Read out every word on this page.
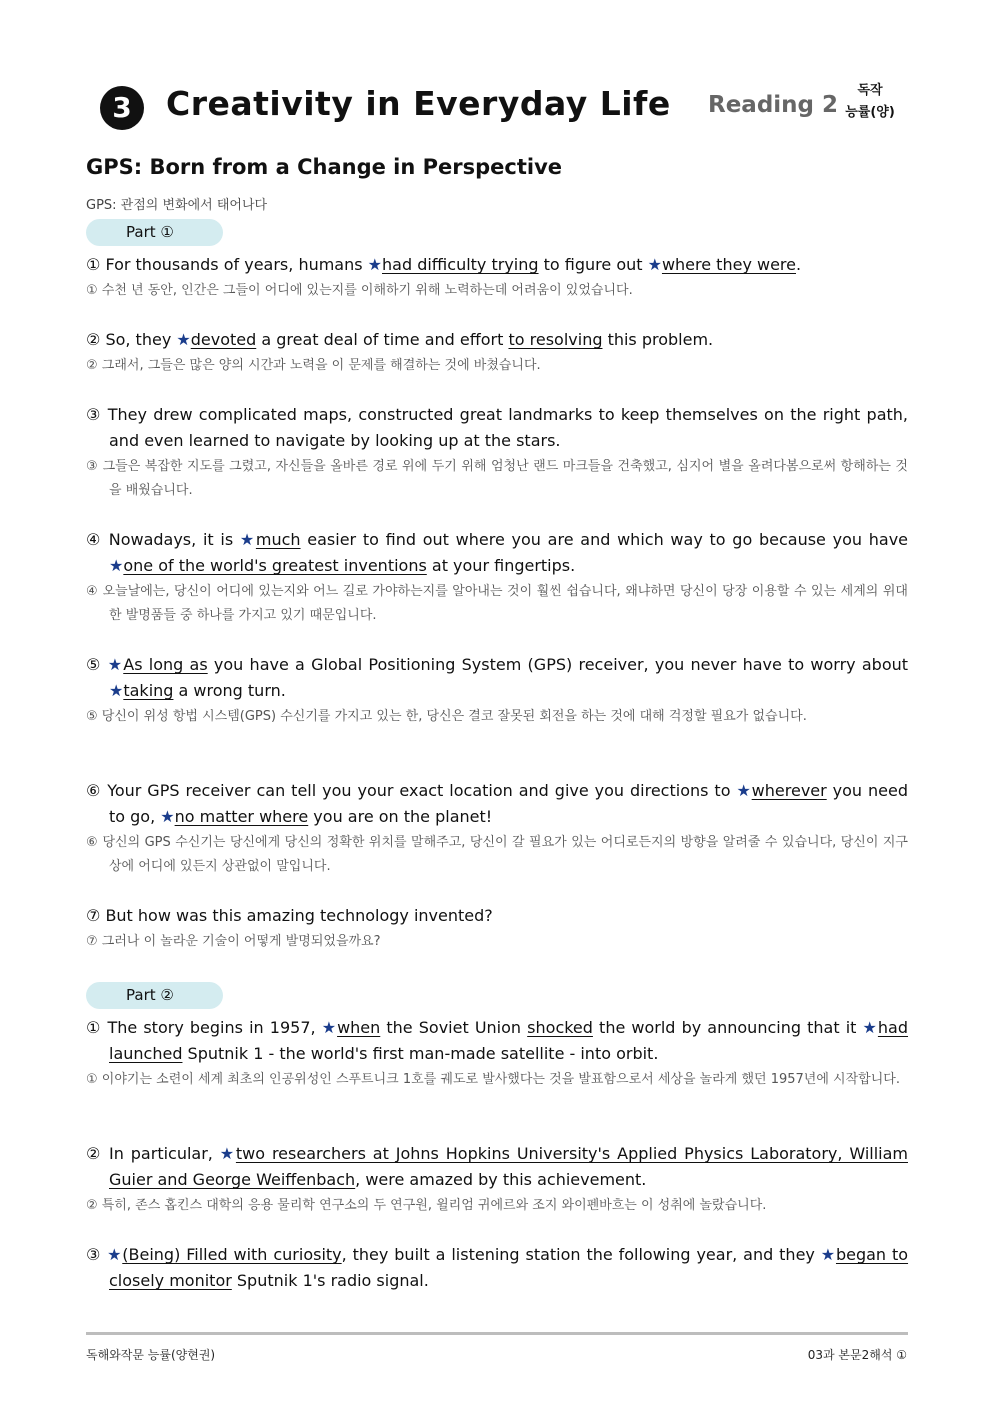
3	Creativity in Everyday Life Reading 2
독작
능률(양)
GPS: Born from a Change in Perspective
GPS: 관점의 변화에서 태어나다
Part ①

① For thousands of years, humans ★had difficulty trying to figure out ★where they were.

① 수천 년 동안, 인간은 그들이 어디에 있는지를 이해하기 위해 노력하는데 어려움이 있었습니다.

② So, they ★devoted a great deal of time and effort to resolving this problem.

② 그래서, 그들은 많은 양의 시간과 노력을 이 문제를 해결하는 것에 바쳤습니다.

③ They drew complicated maps, constructed great landmarks to keep themselves on the right path, and even learned to navigate by looking up at the stars.

③ 그들은 복잡한 지도를 그렸고, 자신들을 올바른 경로 위에 두기 위해 엄청난 랜드 마크들을 건축했고, 심지어 별을 올려다봄으로써 항해하는 것을 배웠습니다.

④ Nowadays, it is ★much easier to find out where you are and which way to go because you have ★one of the world's greatest inventions at your fingertips.

④ 오늘날에는, 당신이 어디에 있는지와 어느 길로 가야하는지를 알아내는 것이 훨씬 쉽습니다, 왜냐하면 당신이 당장 이용할 수 있는 세계의 위대한 발명품들 중 하나를 가지고 있기 때문입니다.

⑤ ★As long as you have a Global Positioning System (GPS) receiver, you never have to worry about ★taking a wrong turn.

⑤ 당신이 위성 항법 시스템(GPS) 수신기를 가지고 있는 한, 당신은 결코 잘못된 회전을 하는 것에 대해 걱정할 필요가 없습니다.

⑥ Your GPS receiver can tell you your exact location and give you directions to ★wherever you need to go, ★no matter where you are on the planet!

⑥ 당신의 GPS 수신기는 당신에게 당신의 정확한 위치를 말해주고, 당신이 갈 필요가 있는 어디로든지의 방향을 알려줄 수 있습니다, 당신이 지구상에 어디에 있든지 상관없이 말입니다.

⑦ But how was this amazing technology invented?

⑦ 그러나 이 놀라운 기술이 어떻게 발명되었을까요?

Part ②

① The story begins in 1957, ★when the Soviet Union shocked the world by announcing that it ★had launched Sputnik 1 - the world's first man-made satellite - into orbit.

① 이야기는 소련이 세계 최초의 인공위성인 스푸트니크 1호를 궤도로 발사했다는 것을 발표함으로서 세상을 놀라게 했던 1957년에 시작합니다.

② In particular, ★two researchers at Johns Hopkins University's Applied Physics Laboratory, William Guier and George Weiffenbach, were amazed by this achievement.

② 특히, 존스 홉킨스 대학의 응용 물리학 연구소의 두 연구원, 윌리엄 귀에르와 조지 와이펜바흐는 이 성취에 놀랐습니다.

③ ★(Being) Filled with curiosity, they built a listening station the following year, and they ★began to closely monitor Sputnik 1's radio signal.

독해와작문 능률(양현권)	03과 본문2해석 ①
